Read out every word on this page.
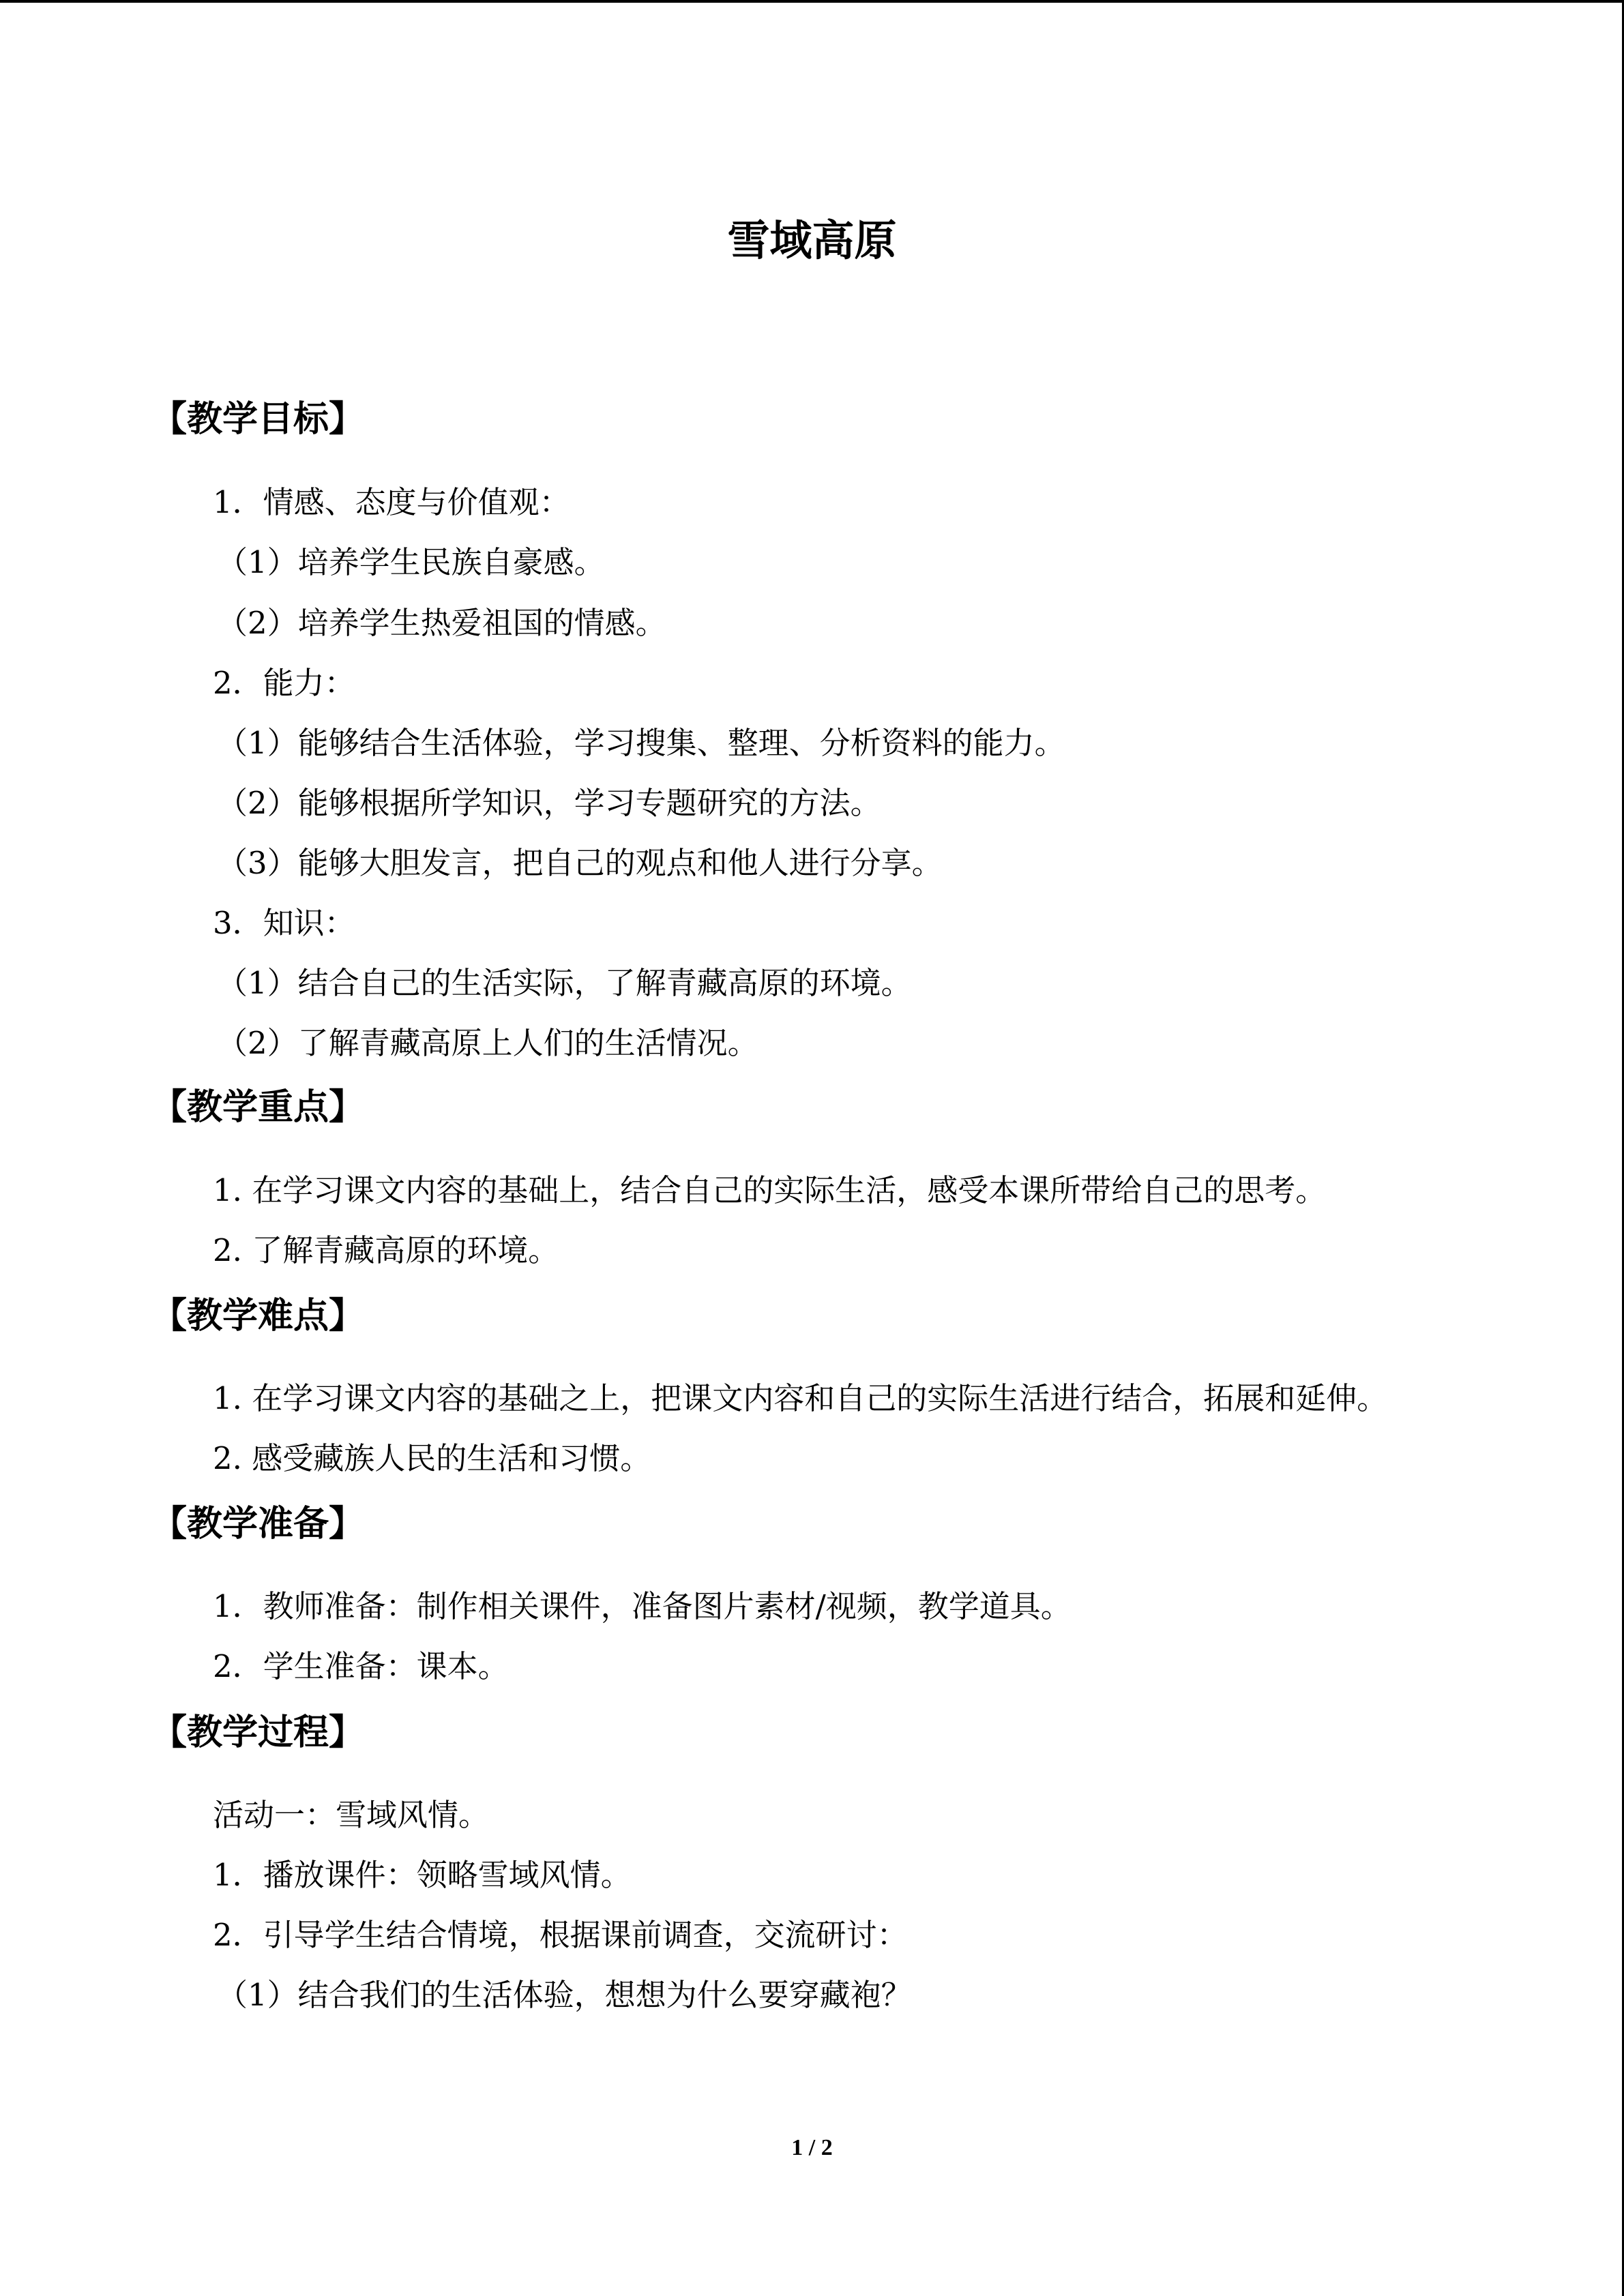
雪域高原
【教学目标】
1．情感、态度与价值观：
（1）培养学生民族自豪感。
（2）培养学生热爱祖国的情感。
2．能力：
（1）能够结合生活体验，学习搜集、整理、分析资料的能力。
（2）能够根据所学知识，学习专题研究的方法。
（3）能够大胆发言，把自己的观点和他人进行分享。
3．知识：
（1）结合自己的生活实际，了解青藏高原的环境。
（2）了解青藏高原上人们的生活情况。
【教学重点】
1. 在学习课文内容的基础上，结合自己的实际生活，感受本课所带给自己的思考。
2. 了解青藏高原的环境。
【教学难点】
1. 在学习课文内容的基础之上，把课文内容和自己的实际生活进行结合，拓展和延伸。
2. 感受藏族人民的生活和习惯。
【教学准备】
1．教师准备：制作相关课件，准备图片素材/视频，教学道具。
2．学生准备：课本。
【教学过程】
活动一：雪域风情。
1．播放课件：领略雪域风情。
2．引导学生结合情境，根据课前调查，交流研讨：
（1）结合我们的生活体验，想想为什么要穿藏袍？
1 / 2
